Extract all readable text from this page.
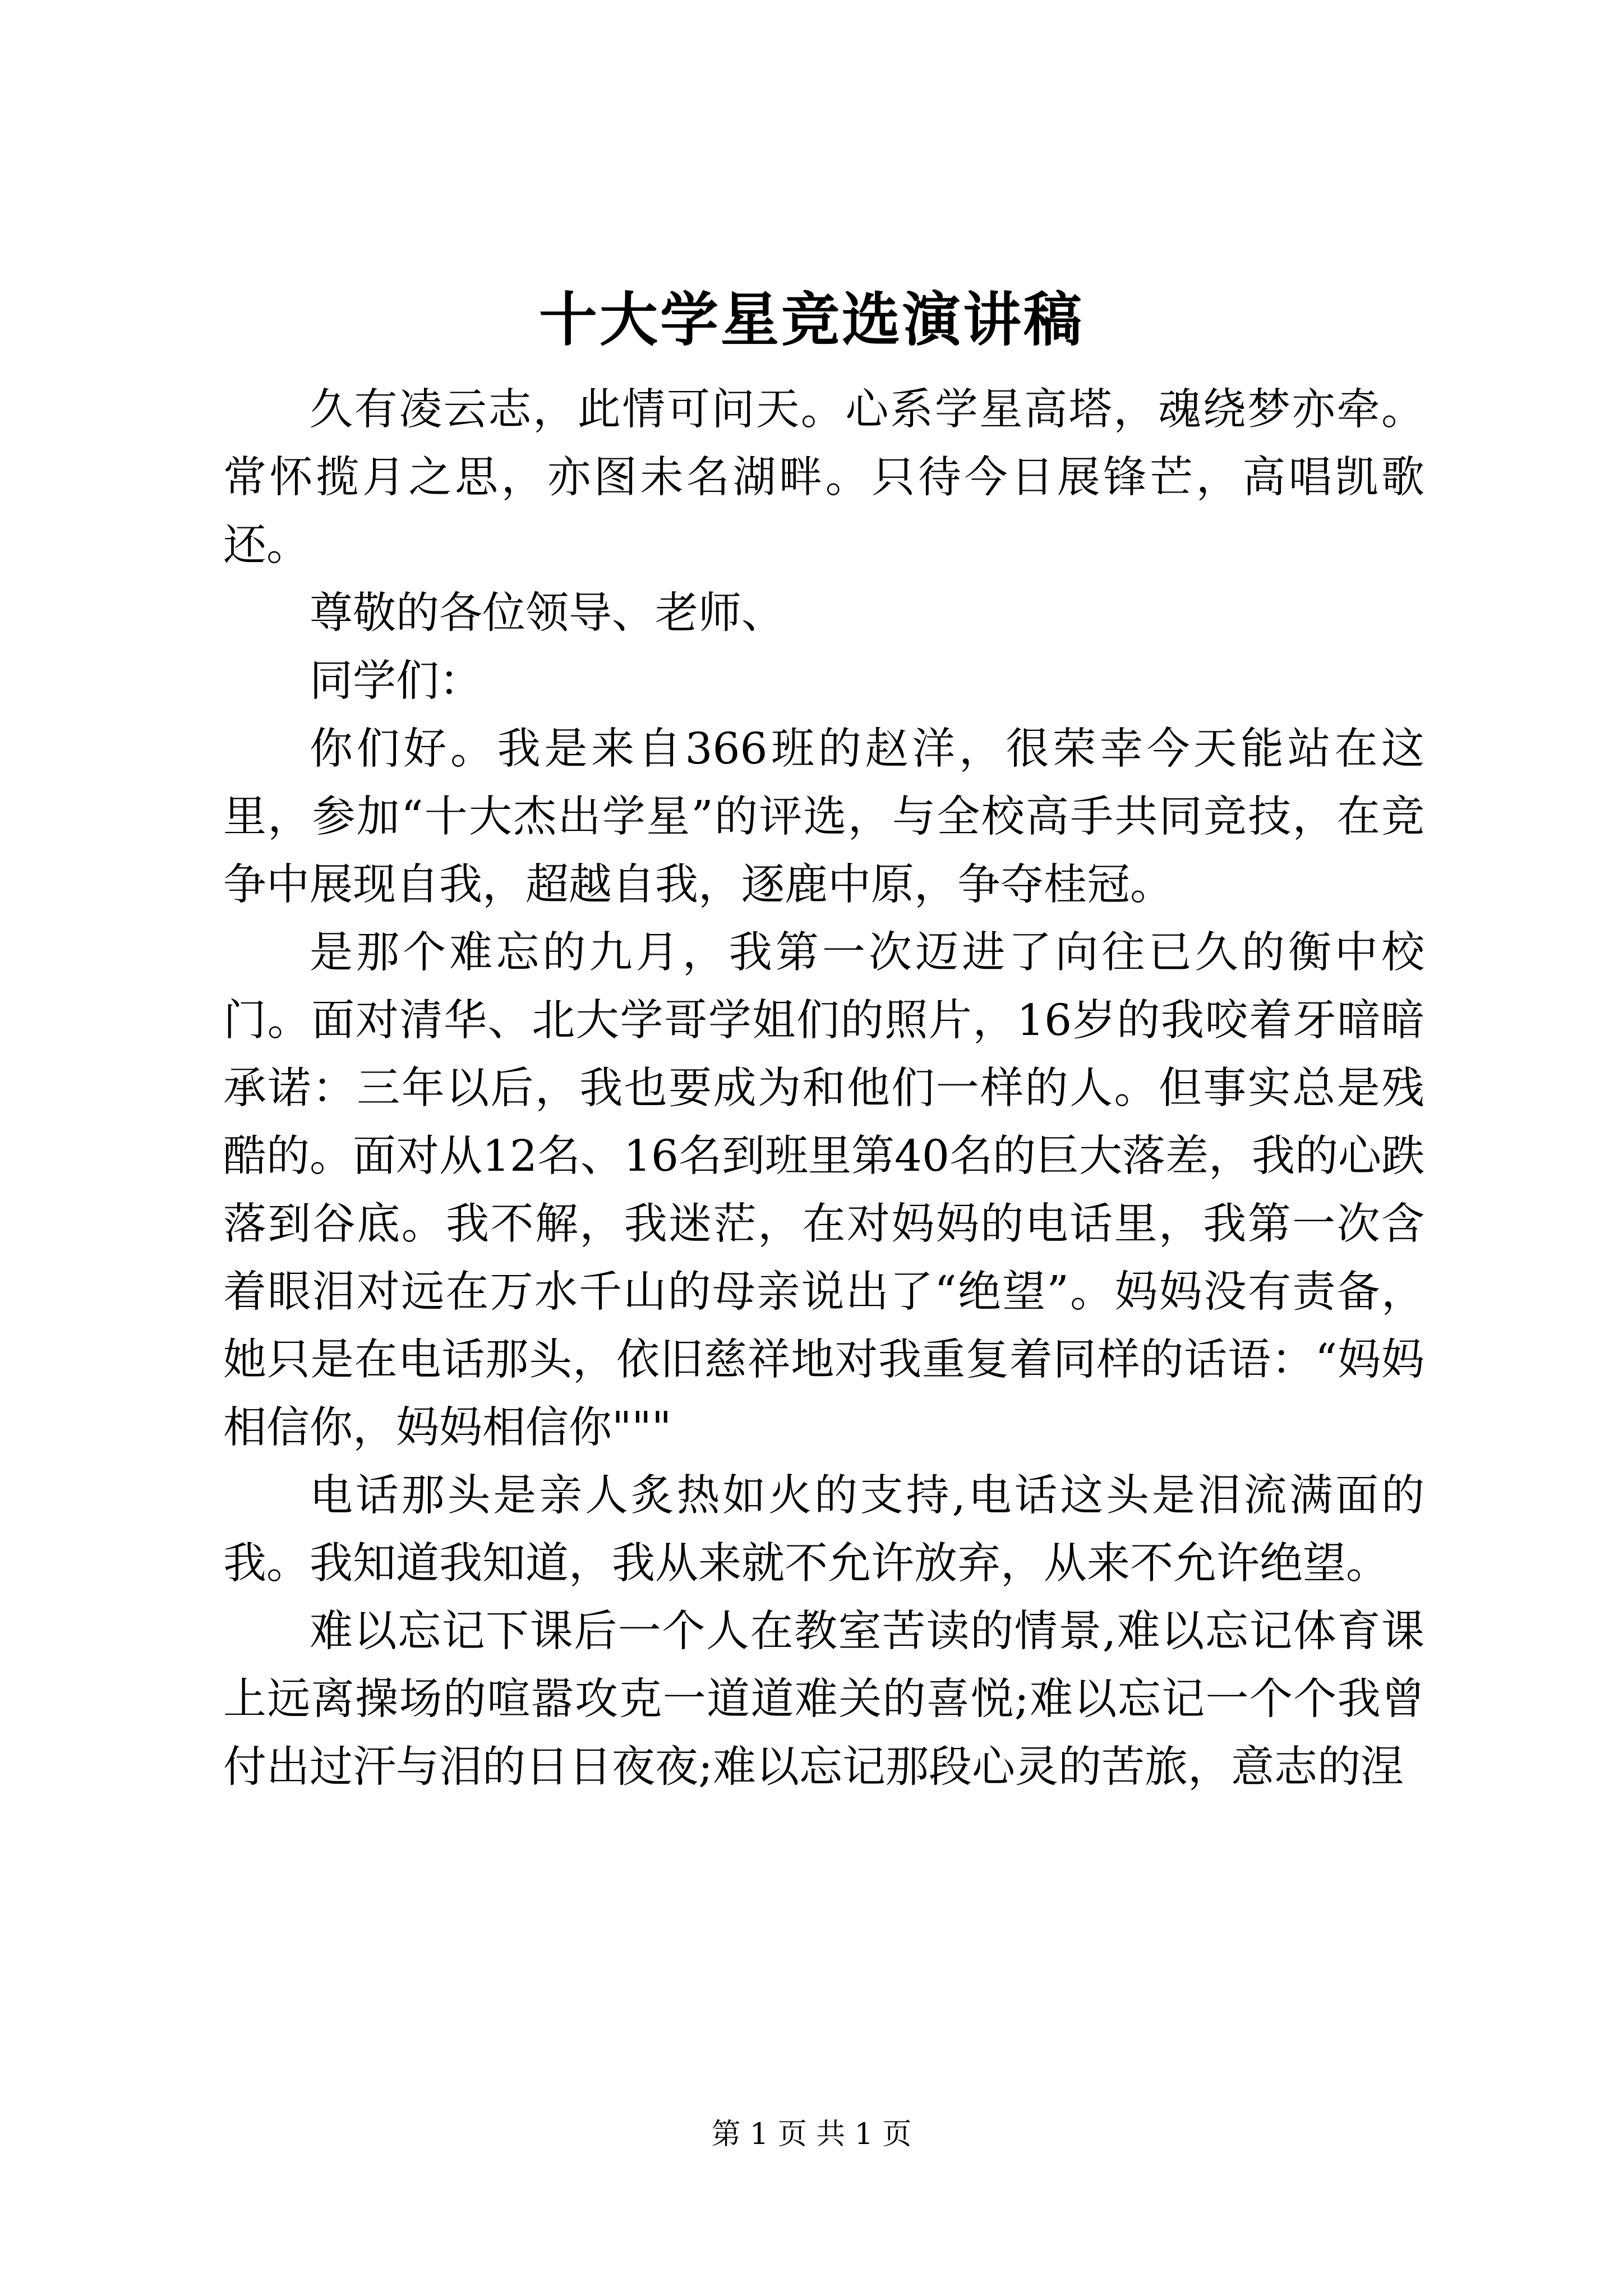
十大学星竞选演讲稿

久有凌云志，此情可问天。心系学星高塔，魂绕梦亦牵。常怀揽月之思，亦图未名湖畔。只待今日展锋芒，高唱凯歌还。

尊敬的各位领导、老师、

同学们：

你们好。我是来自366班的赵洋，很荣幸今天能站在这里，参加“十大杰出学星”的评选，与全校高手共同竞技，在竞争中展现自我，超越自我，逐鹿中原，争夺桂冠。

是那个难忘的九月，我第一次迈进了向往已久的衡中校门。面对清华、北大学哥学姐们的照片，16岁的我咬着牙暗暗承诺：三年以后，我也要成为和他们一样的人。但事实总是残酷的。面对从12名、16名到班里第40名的巨大落差，我的心跌落到谷底。我不解，我迷茫，在对妈妈的电话里，我第一次含着眼泪对远在万水千山的母亲说出了“绝望”。妈妈没有责备，她只是在电话那头，依旧慈祥地对我重复着同样的话语：“妈妈相信你，妈妈相信你"""

电话那头是亲人炙热如火的支持,电话这头是泪流满面的我。我知道我知道，我从来就不允许放弃，从来不允许绝望。

难以忘记下课后一个人在教室苦读的情景,难以忘记体育课上远离操场的喧嚣攻克一道道难关的喜悦;难以忘记一个个我曾付出过汗与泪的日日夜夜;难以忘记那段心灵的苦旅，意志的涅

第 1 页 共 1 页
